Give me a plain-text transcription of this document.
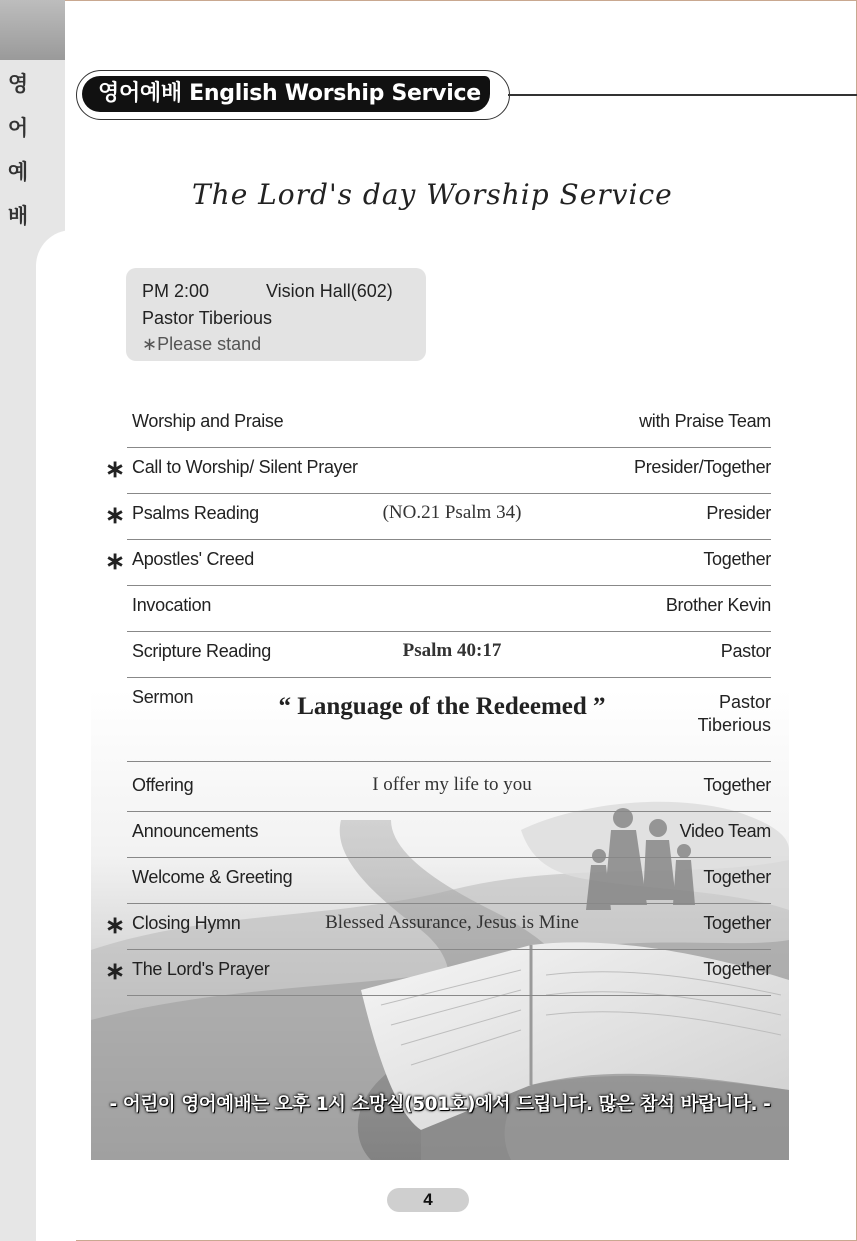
영
어
예
배
영어예배 English Worship Service
The Lord's day Worship Service
PM 2:00	Vision Hall(602)
Pastor Tiberious
∗Please stand
Worship and Praise	with Praise Team
∗ Call to Worship/ Silent Prayer	Presider/Together
∗ Psalms Reading	(NO.21 Psalm 34)	Presider
∗ Apostles' Creed	Together
Invocation	Brother Kevin
Scripture Reading	Psalm 40:17	Pastor
Sermon	“ Language of the Redeemed ”	Pastor
Tiberious
Offering	I offer my life to you	Together
Announcements	Video Team
Welcome & Greeting	Together
∗ Closing Hymn	Blessed Assurance, Jesus is Mine	Together
∗ The Lord's Prayer	Together
- 어린이 영어예배는 오후 1시 소망실(501호)에서 드립니다. 많은 참석 바랍니다. -
4
